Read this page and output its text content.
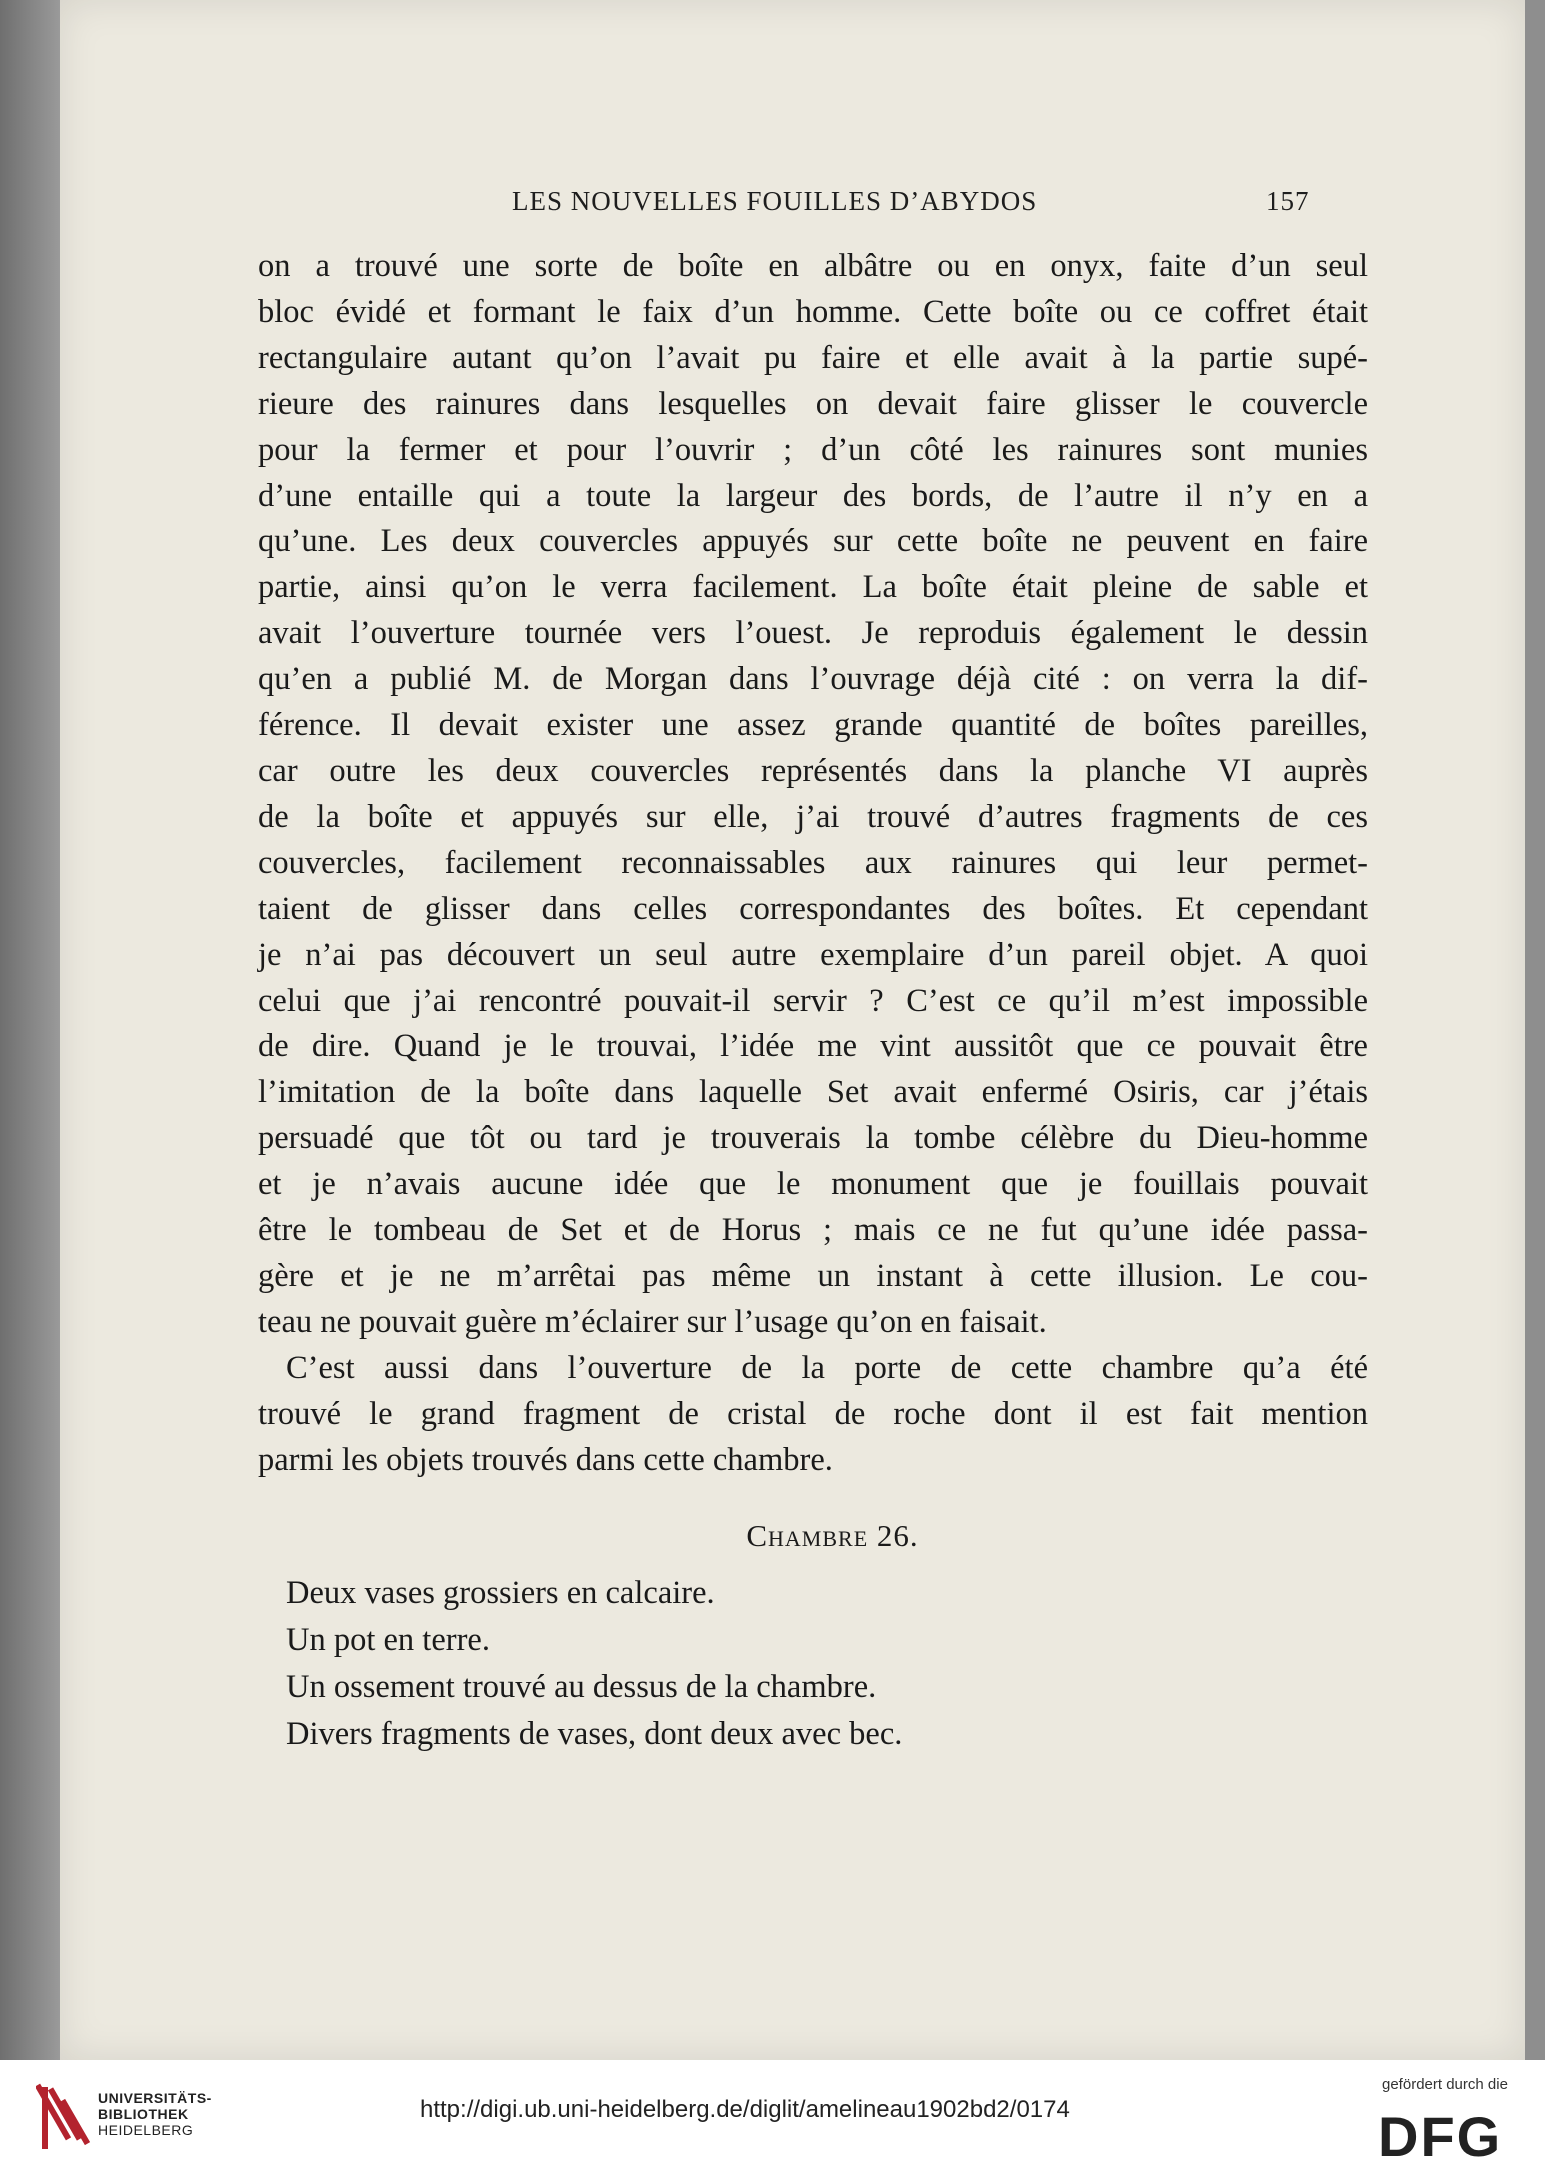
LES NOUVELLES FOUILLES D’ABYDOS	157
on a trouvé une sorte de boîte en albâtre ou en onyx, faite d’un seul
bloc évidé et formant le faix d’un homme. Cette boîte ou ce coffret était
rectangulaire autant qu’on l’avait pu faire et elle avait à la partie supé-
rieure des rainures dans lesquelles on devait faire glisser le couvercle
pour la fermer et pour l’ouvrir ; d’un côté les rainures sont munies
d’une entaille qui a toute la largeur des bords, de l’autre il n’y en a
qu’une. Les deux couvercles appuyés sur cette boîte ne peuvent en faire
partie, ainsi qu’on le verra facilement. La boîte était pleine de sable et
avait l’ouverture tournée vers l’ouest. Je reproduis également le dessin
qu’en a publié M. de Morgan dans l’ouvrage déjà cité : on verra la dif-
férence. Il devait exister une assez grande quantité de boîtes pareilles,
car outre les deux couvercles représentés dans la planche VI auprès
de la boîte et appuyés sur elle, j’ai trouvé d’autres fragments de ces
couvercles, facilement reconnaissables aux rainures qui leur permet-
taient de glisser dans celles correspondantes des boîtes. Et cependant
je n’ai pas découvert un seul autre exemplaire d’un pareil objet. A quoi
celui que j’ai rencontré pouvait-il servir ? C’est ce qu’il m’est impossible
de dire. Quand je le trouvai, l’idée me vint aussitôt que ce pouvait être
l’imitation de la boîte dans laquelle Set avait enfermé Osiris, car j’étais
persuadé que tôt ou tard je trouverais la tombe célèbre du Dieu-homme
et je n’avais aucune idée que le monument que je fouillais pouvait
être le tombeau de Set et de Horus ; mais ce ne fut qu’une idée passa-
gère et je ne m’arrêtai pas même un instant à cette illusion. Le cou-
teau ne pouvait guère m’éclairer sur l’usage qu’on en faisait.
C’est aussi dans l’ouverture de la porte de cette chambre qu’a été
trouvé le grand fragment de cristal de roche dont il est fait mention
parmi les objets trouvés dans cette chambre.
Chambre 26.
Deux vases grossiers en calcaire.
Un pot en terre.
Un ossement trouvé au dessus de la chambre.
Divers fragments de vases, dont deux avec bec.
UNIVERSITÄTS-
BIBLIOTHEK
HEIDELBERG
http://digi.ub.uni-heidelberg.de/diglit/amelineau1902bd2/0174
gefördert durch die
DFG
